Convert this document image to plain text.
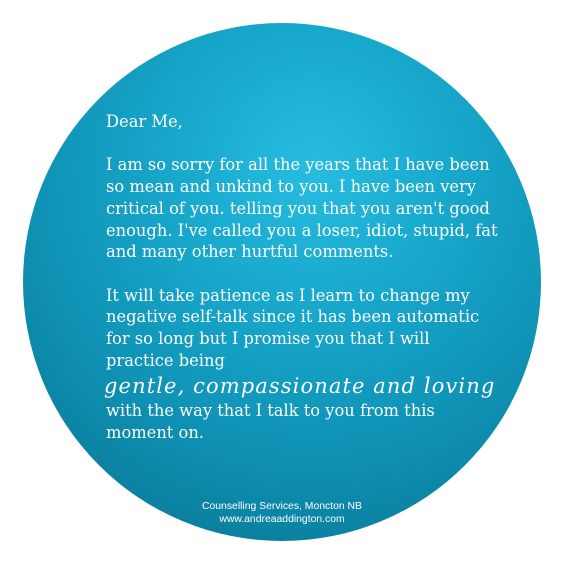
Dear Me,

I am so sorry for all the years that I have been so mean and unkind to you. I have been very critical of you. telling you that you aren't good enough. I've called you a loser, idiot, stupid, fat and many other hurtful comments.

It will take patience as I learn to change my negative self-talk since it has been automatic for so long but I promise you that I will practice being

gentle, compassionate and loving

with the way that I talk to you from this moment on.

Counselling Services, Moncton NB
www.andreaaddington.com
